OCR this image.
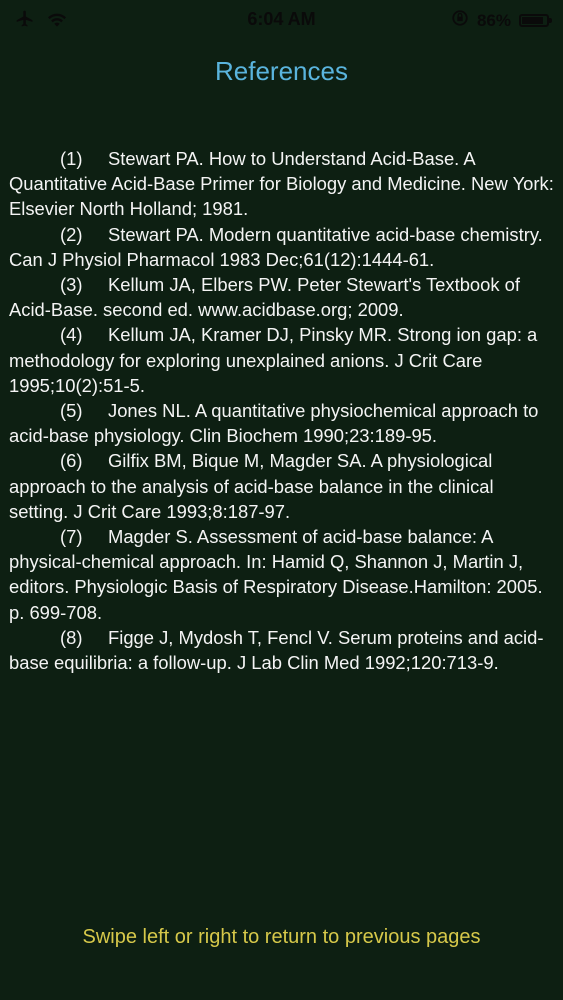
6:04 AM	86%
References

(1) Stewart PA. How to Understand Acid-Base. A Quantitative Acid-Base Primer for Biology and Medicine. New York: Elsevier North Holland; 1981.

(2) Stewart PA. Modern quantitative acid-base chemistry. Can J Physiol Pharmacol 1983 Dec;61(12):1444-61.

(3) Kellum JA, Elbers PW. Peter Stewart's Textbook of Acid-Base. second ed. www.acidbase.org; 2009.

(4) Kellum JA, Kramer DJ, Pinsky MR. Strong ion gap: a methodology for exploring unexplained anions. J Crit Care 1995;10(2):51-5.

(5) Jones NL. A quantitative physiochemical approach to acid-base physiology. Clin Biochem 1990;23:189-95.

(6) Gilfix BM, Bique M, Magder SA. A physiological approach to the analysis of acid-base balance in the clinical setting. J Crit Care 1993;8:187-97.

(7) Magder S. Assessment of acid-base balance: A physical-chemical approach. In: Hamid Q, Shannon J, Martin J, editors. Physiologic Basis of Respiratory Disease.Hamilton: 2005. p. 699-708.

(8) Figge J, Mydosh T, Fencl V. Serum proteins and acid-base equilibria: a follow-up. J Lab Clin Med 1992;120:713-9.

Swipe left or right to return to previous pages
